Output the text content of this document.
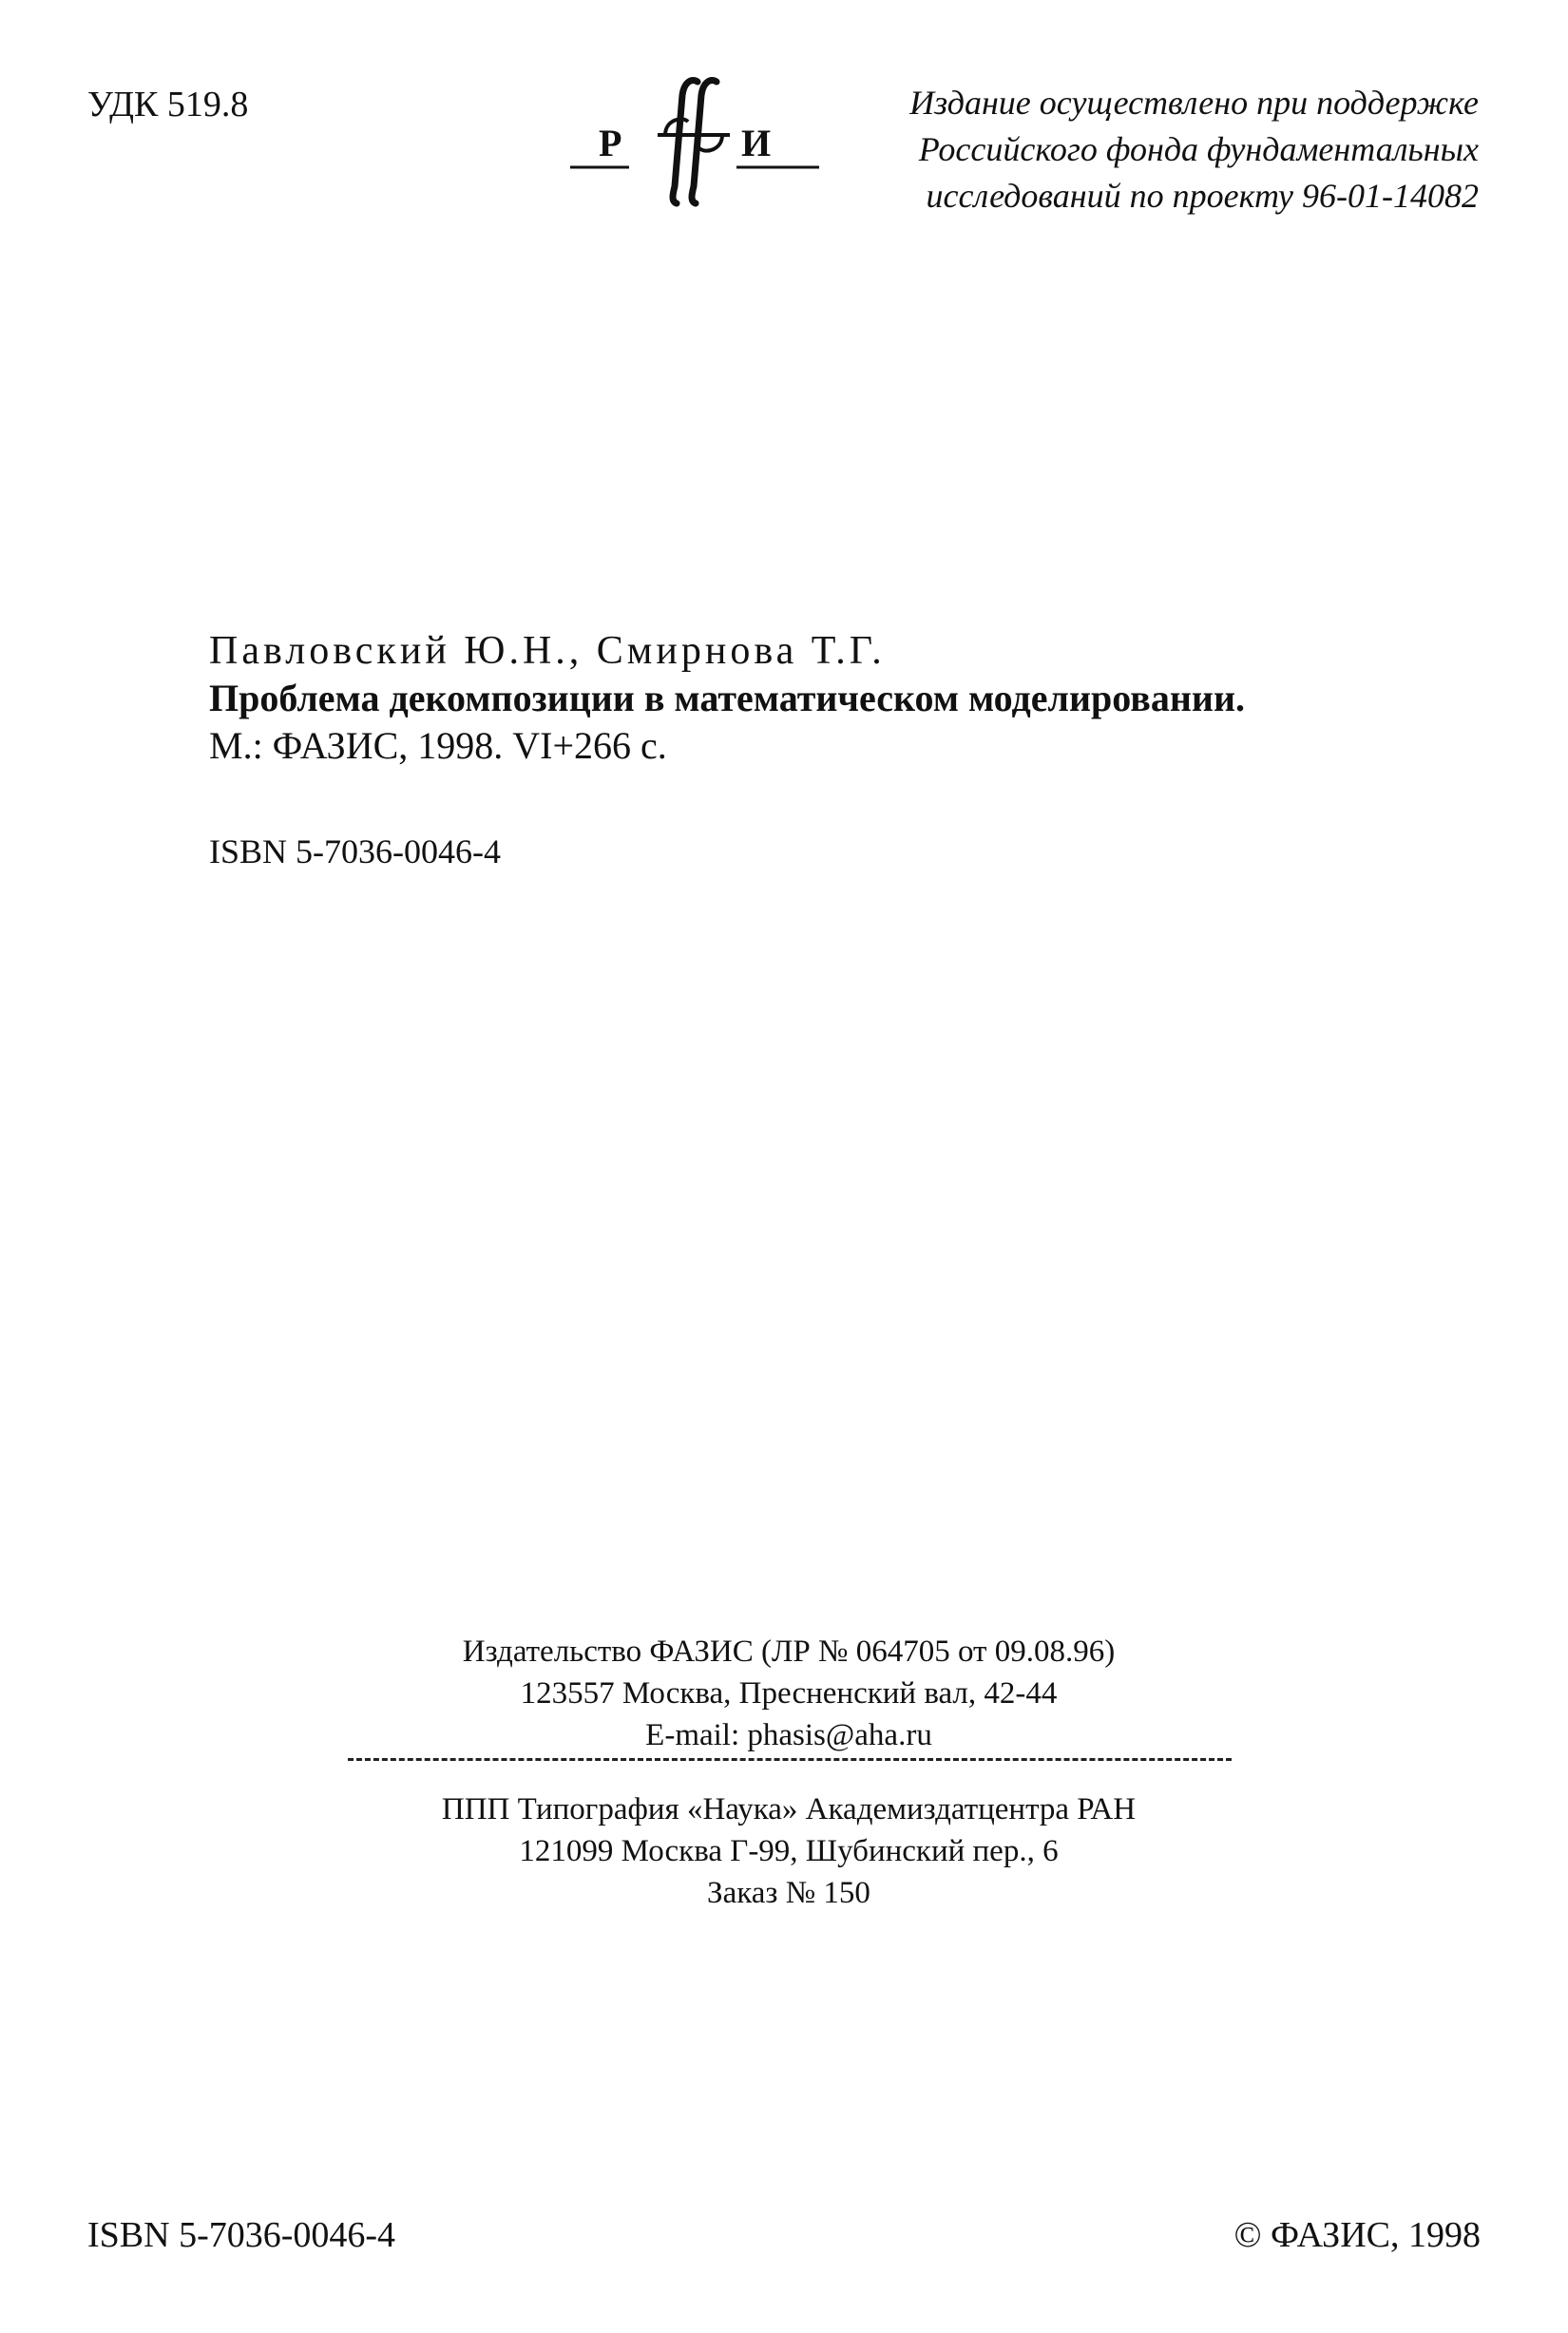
УДК 519.8
Р	И
Издание осуществлено при поддержке
Российского фонда фундаментальных
исследований по проекту 96-01-14082
Павловский Ю.Н., Смирнова Т.Г.
Проблема декомпозиции в математическом моделировании.
М.: ФАЗИС, 1998. VI+266 с.
ISBN 5-7036-0046-4
Издательство ФАЗИС (ЛР № 064705 от 09.08.96)
123557 Москва, Пресненский вал, 42-44
E-mail: phasis@aha.ru
ППП Типография «Наука» Академиздатцентра РАН
121099 Москва Г-99, Шубинский пер., 6
Заказ № 150
ISBN 5-7036-0046-4	© ФАЗИС, 1998
